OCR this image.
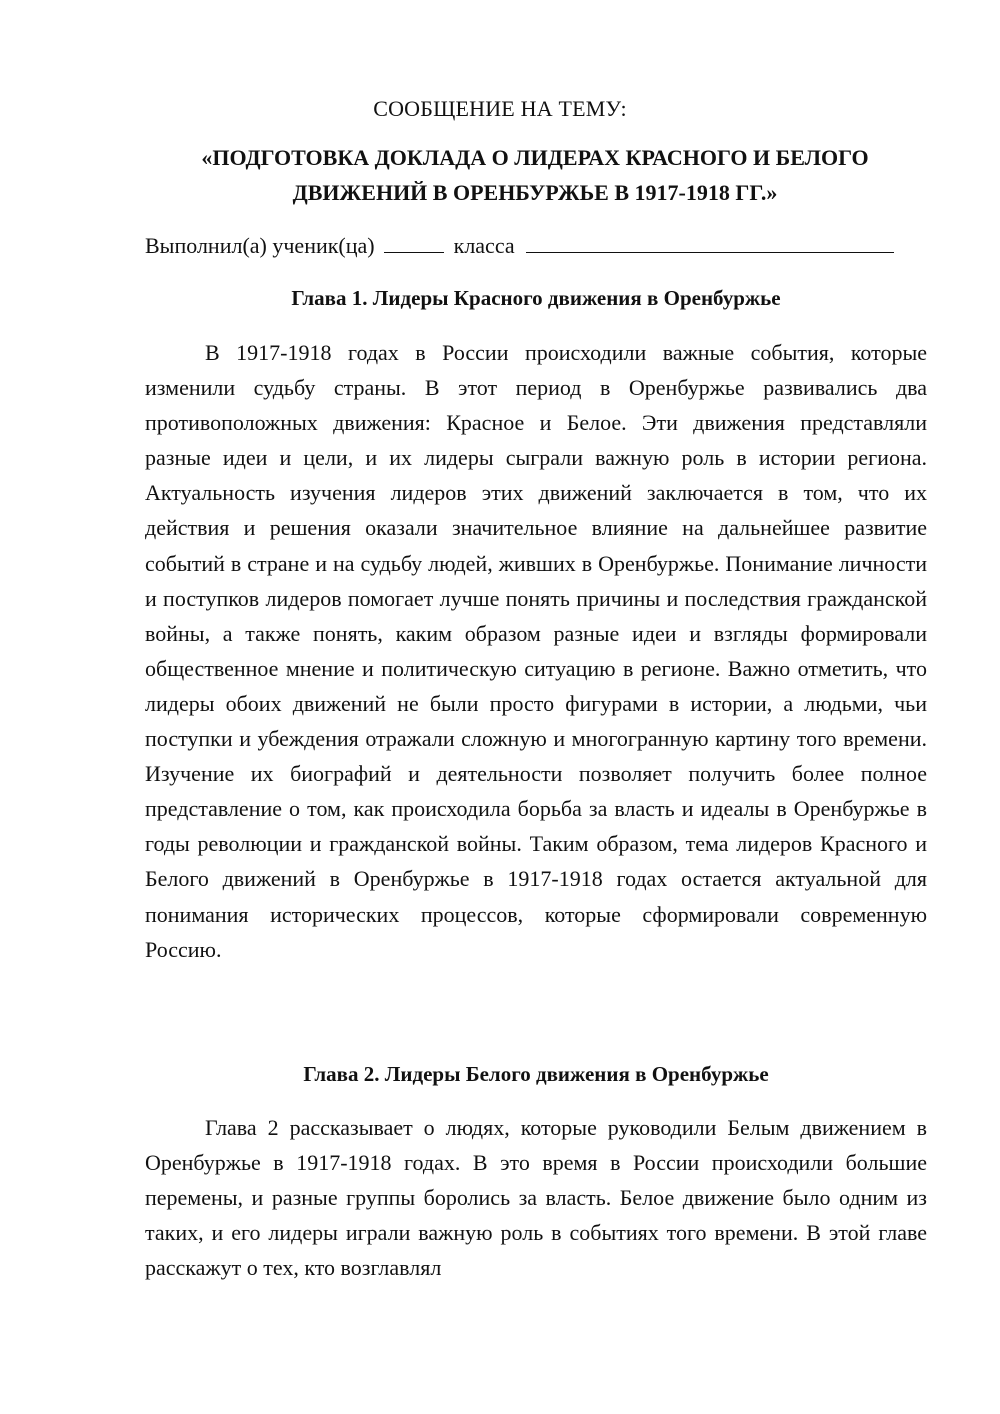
СООБЩЕНИЕ НА ТЕМУ:

«ПОДГОТОВКА ДОКЛАДА О ЛИДЕРАХ КРАСНОГО И БЕЛОГО
ДВИЖЕНИЙ В ОРЕНБУРЖЬЕ В 1917-1918 ГГ.»

Выполнил(а) ученик(ца)	класса

Глава 1. Лидеры Красного движения в Оренбуржье

В 1917-1918 годах в России происходили важные события, которые изменили судьбу страны. В этот период в Оренбуржье развивались два противоположных движения: Красное и Белое. Эти движения представляли разные идеи и цели, и их лидеры сыграли важную роль в истории региона. Актуальность изучения лидеров этих движений заключается в том, что их действия и решения оказали значительное влияние на дальнейшее развитие событий в стране и на судьбу людей, живших в Оренбуржье. Понимание личности и поступков лидеров помогает лучше понять причины и последствия гражданской войны, а также понять, каким образом разные идеи и взгляды формировали общественное мнение и политическую ситуацию в регионе. Важно отметить, что лидеры обоих движений не были просто фигурами в истории, а людьми, чьи поступки и убеждения отражали сложную и многогранную картину того времени. Изучение их биографий и деятельности позволяет получить более полное представление о том, как происходила борьба за власть и идеалы в Оренбуржье в годы революции и гражданской войны. Таким образом, тема лидеров Красного и Белого движений в Оренбуржье в 1917-1918 годах остается актуальной для понимания исторических процессов, которые сформировали современную Россию.

Глава 2. Лидеры Белого движения в Оренбуржье

Глава 2 рассказывает о людях, которые руководили Белым движением в Оренбуржье в 1917-1918 годах. В это время в России происходили большие перемены, и разные группы боролись за власть. Белое движение было одним из таких, и его лидеры играли важную роль в событиях того времени. В этой главе расскажут о тех, кто возглавлял
